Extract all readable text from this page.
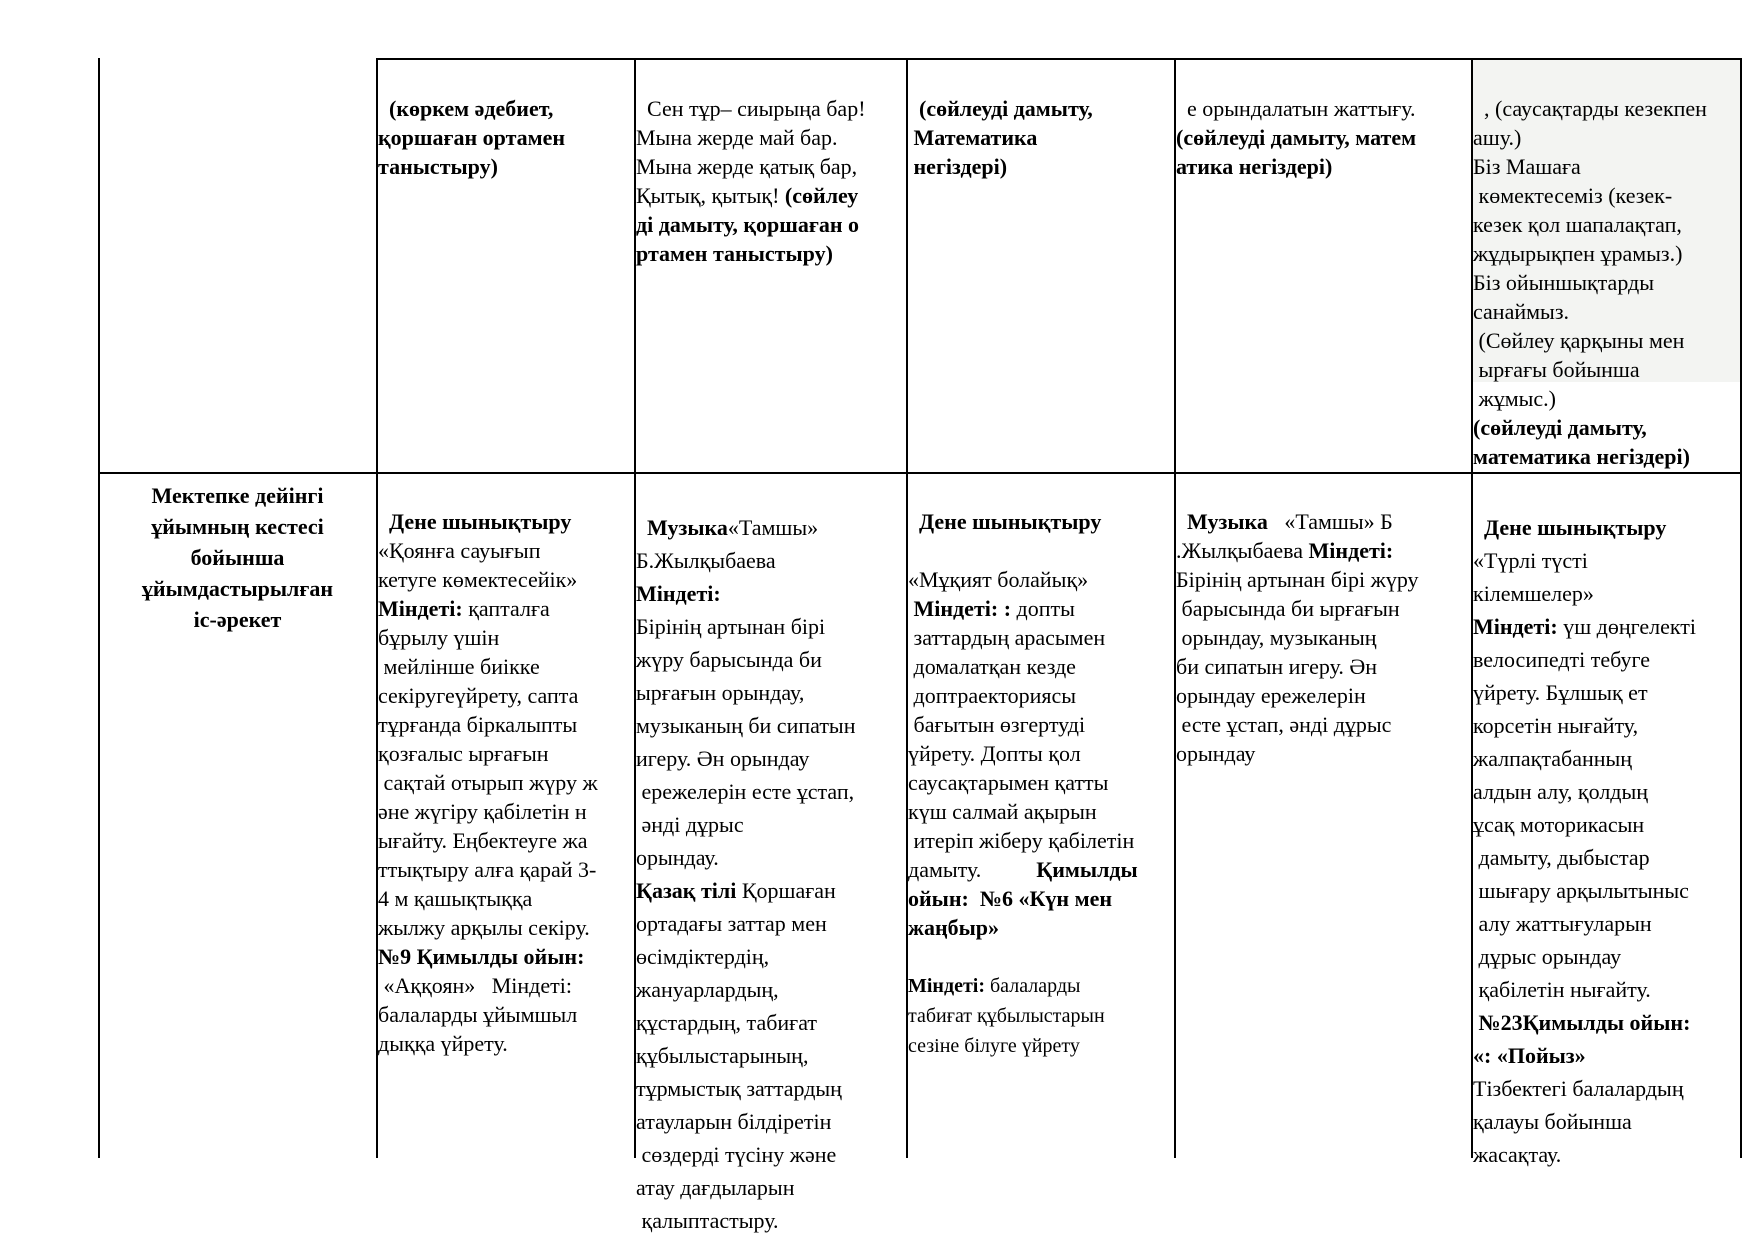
(көркем әдебиет,
қоршаған ортамен
таныстыру)

Сен тұр– сиырыңа бар!
Мына жерде май бар.
Мына жерде қатық бар,
Қытық, қытық! (сөйлеу
ді дамыту, қоршаған о
ртамен таныстыру)

(сөйлеуді дамыту,
Математика
негіздері)

е орындалатын жаттығу.
(сөйлеуді дамыту, матем
атика негіздері)

, (саусақтарды кезекпен
ашу.)
Біз Машаға
көмектесеміз (кезек-
кезек қол шапалақтап,
жұдырықпен ұрамыз.)
Біз ойыншықтарды
санаймыз.
(Сөйлеу қарқыны мен
ырғағы бойынша
жұмыс.)
(сөйлеуді дамыту,
математика негіздері)

Мектепке дейінгі
ұйымның кестесі
бойынша
ұйымдастырылған
іс-әрекет

Дене шынықтыру
«Қоянға сауығып
кетуге көмектесейік»
Міндеті: қапталға
бұрылу үшін
мейлінше биікке
секіругеүйрету, сапта
тұрғанда біркалыпты
қозғалыс ырғағын
сақтай отырып жүру ж
әне жүгіру қабілетін н
ығайту. Еңбектеуге жа
ттықтыру алға қарай 3-
4 м қашықтыққа
жылжу арқылы секіру.
№9 Қимылды ойын:
«Аққоян»   Міндеті:
балаларды ұйымшыл
дыққа үйрету.

Музыка«Тамшы»
Б.Жылқыбаева
Міндеті:
Бірінің артынан бірі
жүру барысында би
ырғағын орындау,
музыканың би сипатын
игеру. Ән орындау
ережелерін есте ұстап,
әнді дұрыс
орындау.
Қазақ тілі Қоршаған
ортадағы заттар мен
өсімдіктердің,
жануарлардың,
құстардың, табиғат
құбылыстарының,
тұрмыстық заттардың
атауларын білдіретін
сөздерді түсіну және
атау дағдыларын
қалыптастыру.

Дене шынықтыру

«Мұқият болайық»
Міндеті: : допты
заттардың арасымен
домалатқан кезде
доптраекториясы
бағытын өзгертуді
үйрету. Допты қол
саусақтарымен қатты
күш салмай ақырын
итеріп жіберу қабілетін
дамыту.	Қимылды
ойын:  №6 «Күн мен
жаңбыр»

Міндеті: балаларды
табиғат құбылыстарын
сезіне білуге үйрету

Музыка   «Тамшы» Б
.Жылқыбаева Міндеті:
Бірінің артынан бірі жүру
барысында би ырғағын
орындау, музыканың
би сипатын игеру. Ән
орындау ережелерін
есте ұстап, әнді дұрыс
орындау

Дене шынықтыру
«Түрлі түсті
кілемшелер»
Міндеті: үш дөңгелекті
велосипедті тебуге
үйрету. Бұлшық ет
корсетін нығайту,
жалпақтабанның
алдын алу, қолдың
ұсақ моторикасын
дамыту, дыбыстар
шығару арқылытыныс
алу жаттығуларын
дұрыс орындау
қабілетін нығайту.
№23Қимылды ойын:
«: «Пойыз»
Тізбектегі балалардың
қалауы бойынша
жасақтау.
